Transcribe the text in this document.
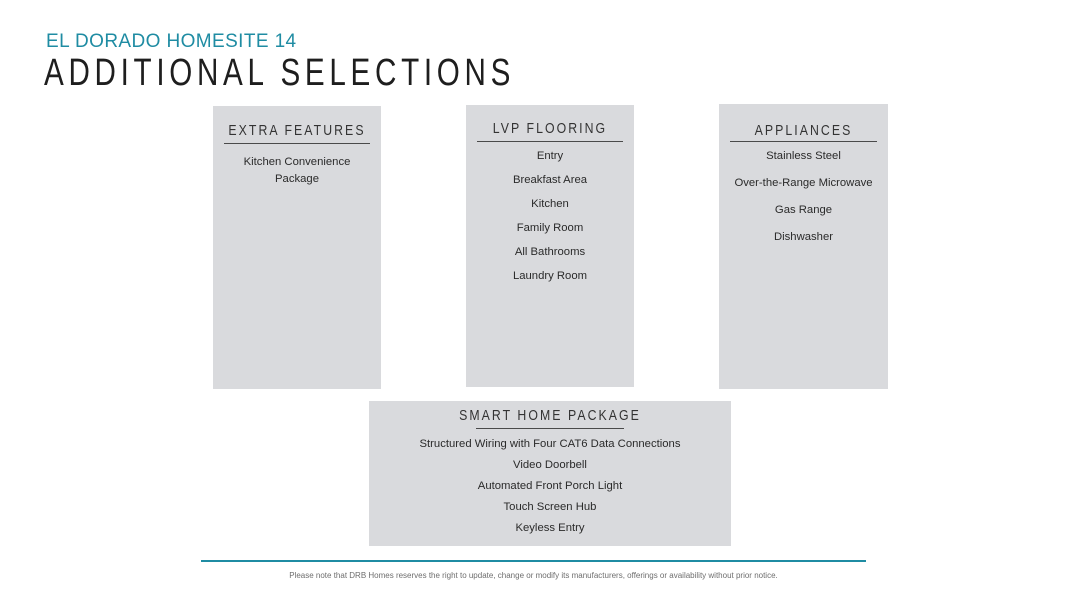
EL DORADO HOMESITE 14
ADDITIONAL SELECTIONS
EXTRA FEATURES
Kitchen Convenience Package
LVP FLOORING
Entry
Breakfast Area
Kitchen
Family Room
All Bathrooms
Laundry Room
APPLIANCES
Stainless Steel
Over-the-Range Microwave
Gas Range
Dishwasher
SMART HOME PACKAGE
Structured Wiring with Four CAT6 Data Connections
Video Doorbell
Automated Front Porch Light
Touch Screen Hub
Keyless Entry
Please note that DRB Homes reserves the right to update, change or modify its manufacturers, offerings or availability without prior notice.
